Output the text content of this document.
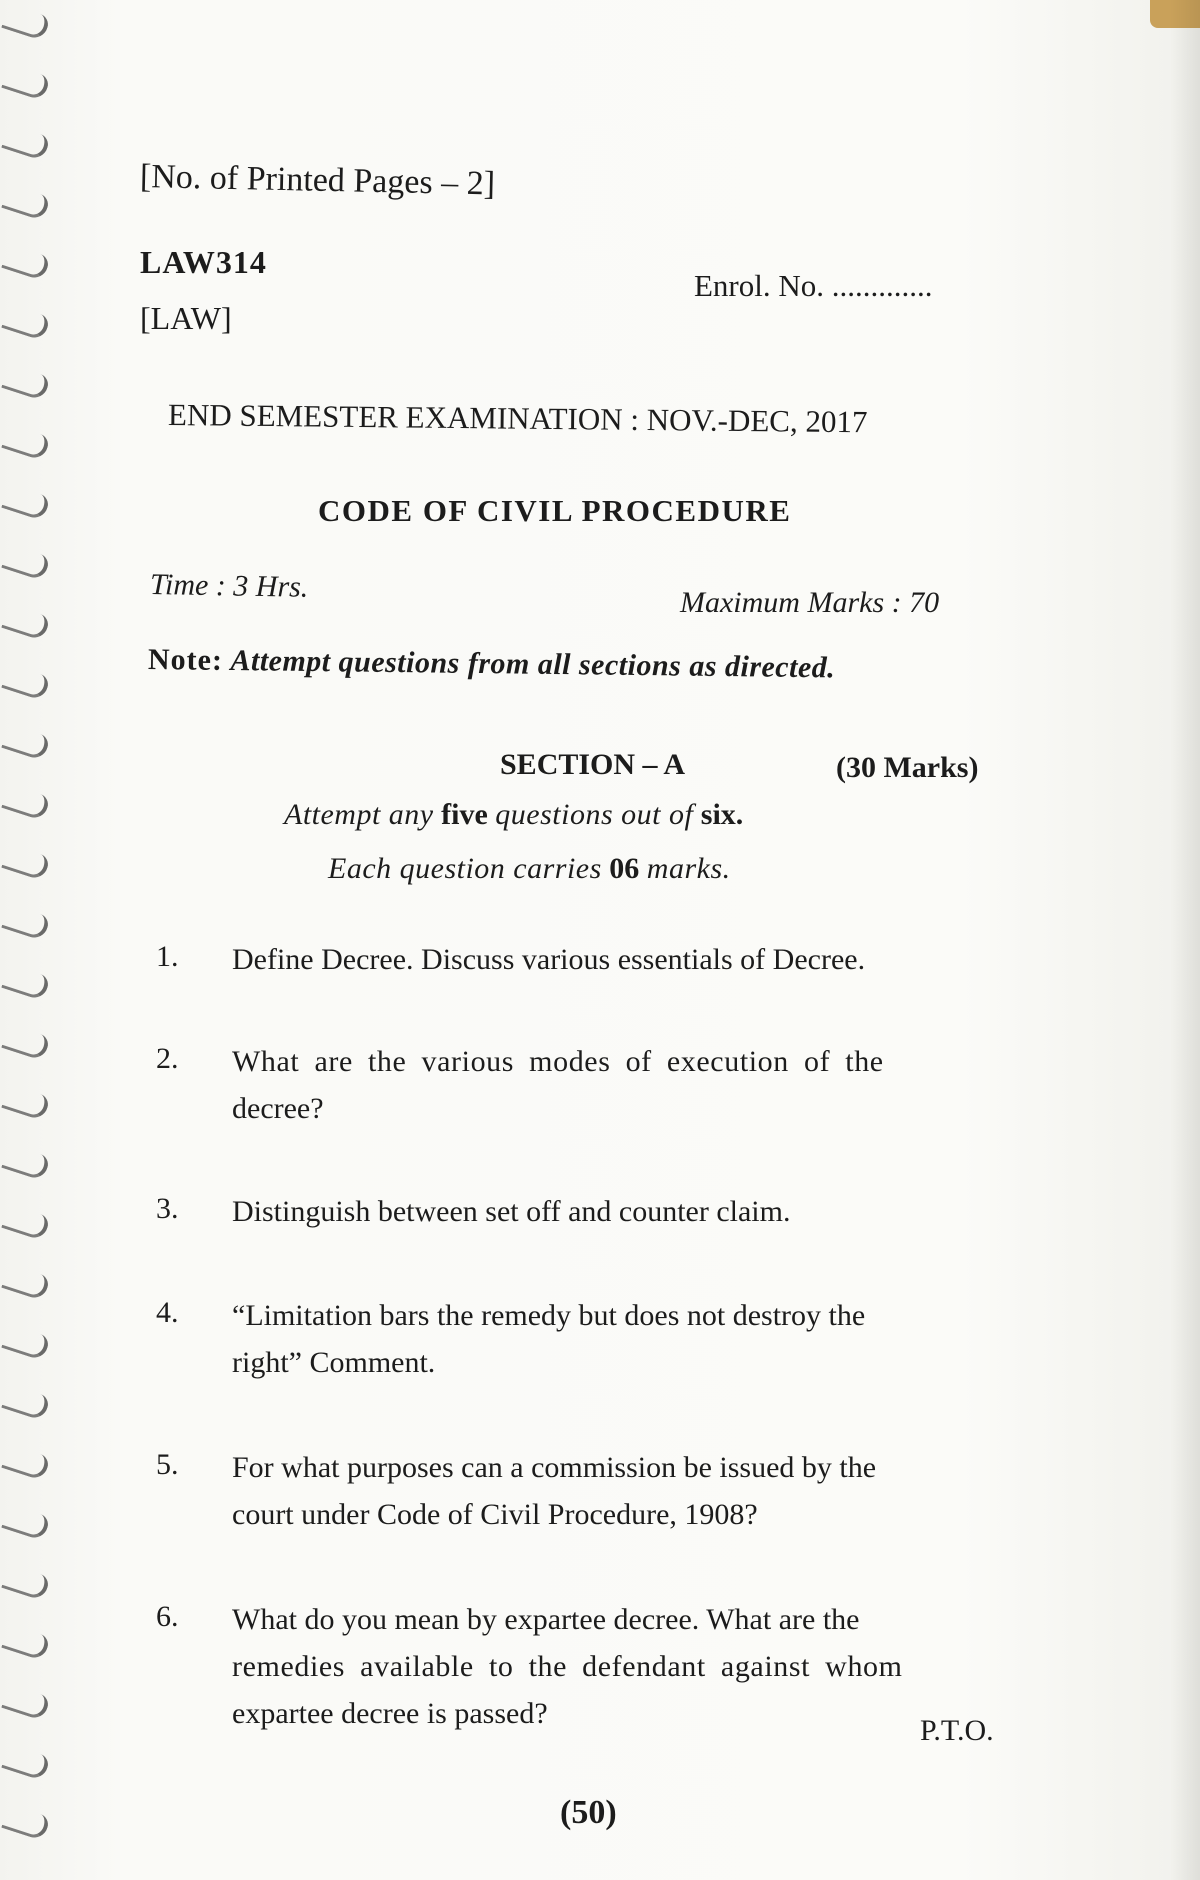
[No. of Printed Pages – 2]
LAW314
[LAW]
Enrol. No. .............
END SEMESTER EXAMINATION : NOV.-DEC, 2017
CODE OF CIVIL PROCEDURE
Time : 3 Hrs.	Maximum Marks : 70
Note: Attempt questions from all sections as directed.
SECTION – A	(30 Marks)
Attempt any five questions out of six.
Each question carries 06 marks.
1. Define Decree. Discuss various essentials of Decree.
2. What are the various modes of execution of the
decree?
3. Distinguish between set off and counter claim.
4. “Limitation bars the remedy but does not destroy the
right” Comment.
5. For what purposes can a commission be issued by the
court under Code of Civil Procedure, 1908?
6. What do you mean by expartee decree. What are the
remedies available to the defendant against whom
expartee decree is passed?
P.T.O.
(50)
